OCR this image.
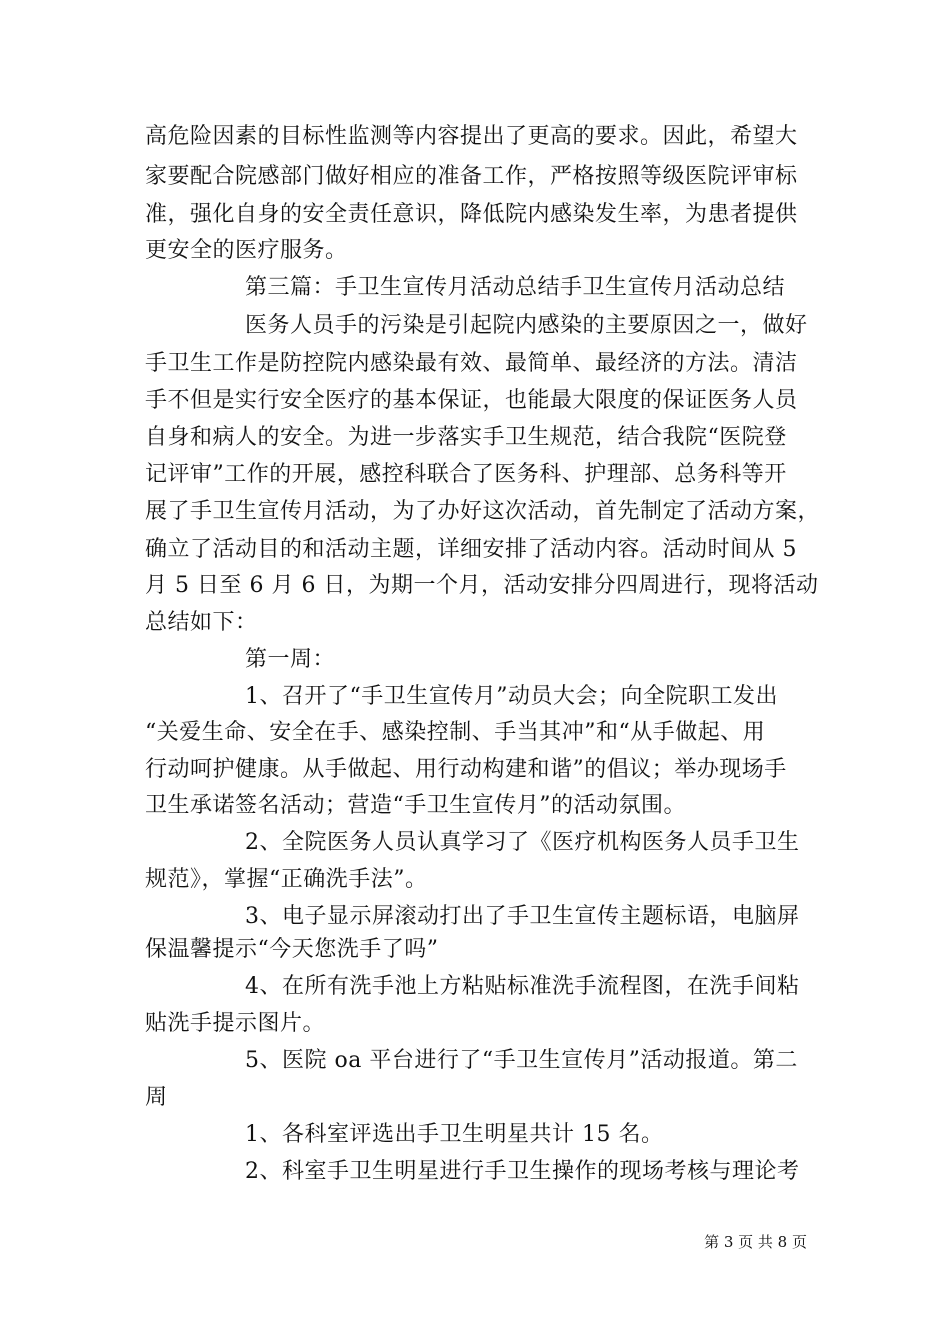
高危险因素的目标性监测等内容提出了更高的要求。因此，希望大
家要配合院感部门做好相应的准备工作，严格按照等级医院评审标
准，强化自身的安全责任意识，降低院内感染发生率，为患者提供
更安全的医疗服务。
第三篇：手卫生宣传月活动总结手卫生宣传月活动总结
医务人员手的污染是引起院内感染的主要原因之一，做好
手卫生工作是防控院内感染最有效、最简单、最经济的方法。清洁
手不但是实行安全医疗的基本保证，也能最大限度的保证医务人员
自身和病人的安全。为进一步落实手卫生规范，结合我院“医院登
记评审”工作的开展，感控科联合了医务科、护理部、总务科等开
展了手卫生宣传月活动，为了办好这次活动，首先制定了活动方案，
确立了活动目的和活动主题，详细安排了活动内容。活动时间从 5
月 5 日至 6 月 6 日，为期一个月，活动安排分四周进行，现将活动
总结如下：
第一周：
1、召开了“手卫生宣传月”动员大会；向全院职工发出
“关爱生命、安全在手、感染控制、手当其冲”和“从手做起、用
行动呵护健康。从手做起、用行动构建和谐”的倡议；举办现场手
卫生承诺签名活动；营造“手卫生宣传月”的活动氛围。
2、全院医务人员认真学习了《医疗机构医务人员手卫生
规范》，掌握“正确洗手法”。
3、电子显示屏滚动打出了手卫生宣传主题标语，电脑屏
保温馨提示“今天您洗手了吗”
4、在所有洗手池上方粘贴标准洗手流程图，在洗手间粘
贴洗手提示图片。
5、医院 oa 平台进行了“手卫生宣传月”活动报道。第二
周
1、各科室评选出手卫生明星共计 15 名。
2、科室手卫生明星进行手卫生操作的现场考核与理论考
第 3 页 共 8 页
